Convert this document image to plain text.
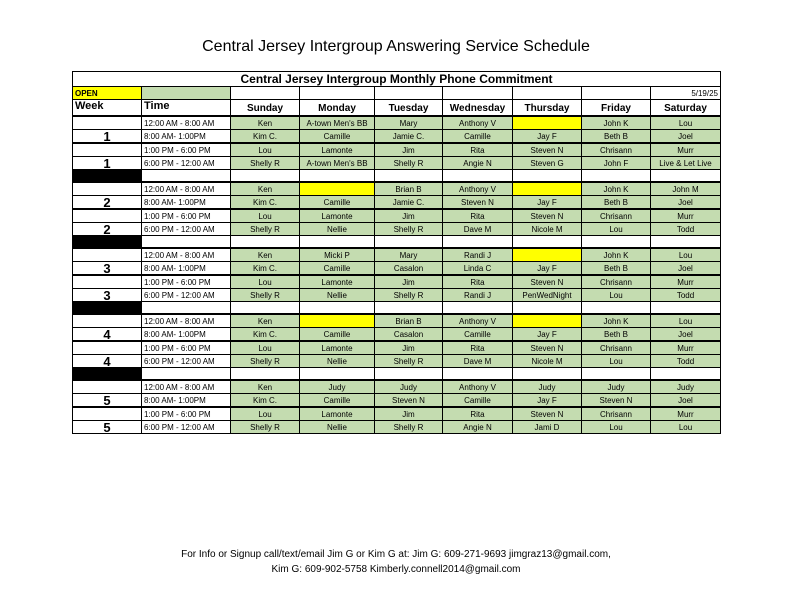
Central Jersey Intergroup Answering Service Schedule
Central Jersey Intergroup Monthly Phone Commitment								
OPEN								5/19/25
Week	Time	Sunday	Monday	Tuesday	Wednesday	Thursday	Friday	Saturday
	12:00 AM - 8:00 AM	Ken	A-town Men's BB	Mary	Anthony V		John K	Lou
1	8:00 AM- 1:00PM	Kim C.	Camille	Jamie C.	Camille	Jay F	Beth B	Joel
	1:00 PM - 6:00 PM	Lou	Lamonte	Jim	Rita	Steven N	Chrisann	Murr
1	6:00 PM - 12:00 AM	Shelly R	A-town Men's BB	Shelly R	Angie N	Steven G	John F	Live & Let Live

	12:00 AM - 8:00 AM	Ken		Brian B	Anthony V		John K	John M
2	8:00 AM- 1:00PM	Kim C.	Camille	Jamie C.	Steven N	Jay F	Beth B	Joel
	1:00 PM - 6:00 PM	Lou	Lamonte	Jim	Rita	Steven N	Chrisann	Murr
2	6:00 PM - 12:00 AM	Shelly R	Nellie	Shelly R	Dave M	Nicole M	Lou	Todd

	12:00 AM - 8:00 AM	Ken	Micki P	Mary	Randi J		John K	Lou
3	8:00 AM- 1:00PM	Kim C.	Camille	Casalon	Linda C	Jay F	Beth B	Joel
	1:00 PM - 6:00 PM	Lou	Lamonte	Jim	Rita	Steven N	Chrisann	Murr
3	6:00 PM - 12:00 AM	Shelly R	Nellie	Shelly R	Randi J	PenWedNight	Lou	Todd

	12:00 AM - 8:00 AM	Ken		Brian B	Anthony V		John K	Lou
4	8:00 AM- 1:00PM	Kim C.	Camille	Casalon	Camille	Jay F	Beth B	Joel
	1:00 PM - 6:00 PM	Lou	Lamonte	Jim	Rita	Steven N	Chrisann	Murr
4	6:00 PM - 12:00 AM	Shelly R	Nellie	Shelly R	Dave M	Nicole M	Lou	Todd

	12:00 AM - 8:00 AM	Ken	Judy	Judy	Anthony V	Judy	Judy	Judy
5	8:00 AM- 1:00PM	Kim C.	Camille	Steven N	Camille	Jay F	Steven N	Joel
	1:00 PM - 6:00 PM	Lou	Lamonte	Jim	Rita	Steven N	Chrisann	Murr
5	6:00 PM - 12:00 AM	Shelly R	Nellie	Shelly R	Angie N	Jami D	Lou	Lou
For Info or Signup call/text/email Jim G or Kim G at: Jim G: 609-271-9693 jimgraz13@gmail.com,
Kim G: 609-902-5758 Kimberly.connell2014@gmail.com
